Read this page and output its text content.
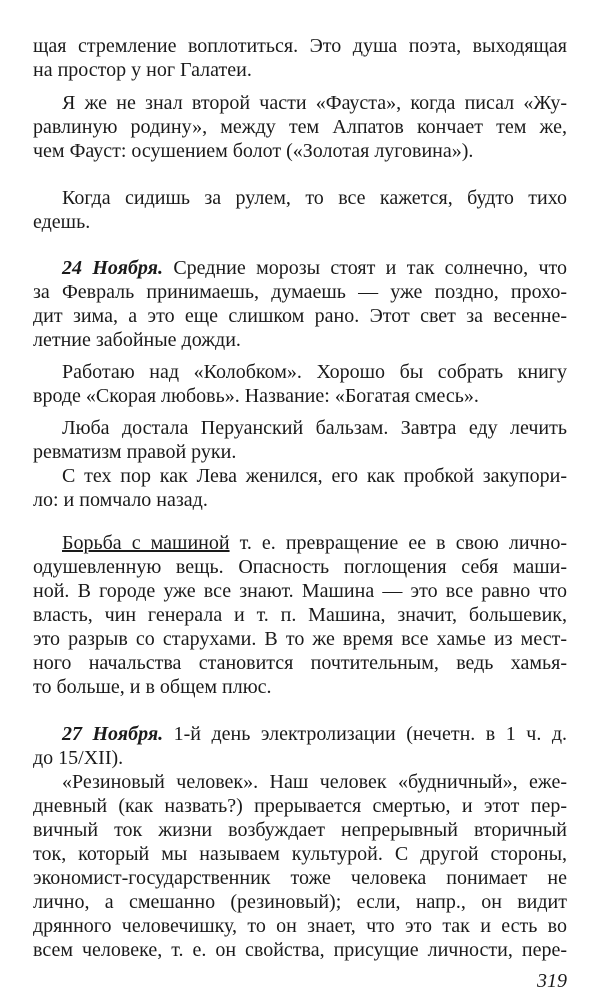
щая стремление воплотиться. Это душа поэта, выходящая
на простор у ног Галатеи.
Я же не знал второй части «Фауста», когда писал «Жу-
равлиную родину», между тем Алпатов кончает тем же,
чем Фауст: осушением болот («Золотая луговина»).
Когда сидишь за рулем, то все кажется, будто тихо
едешь.
24 Ноября. Средние морозы стоят и так солнечно, что
за Февраль принимаешь, думаешь — уже поздно, прохо-
дит зима, а это еще слишком рано. Этот свет за весенне-
летние забойные дожди.
Работаю над «Колобком». Хорошо бы собрать книгу
вроде «Скорая любовь». Название: «Богатая смесь».
Люба достала Перуанский бальзам. Завтра еду лечить
ревматизм правой руки.
С тех пор как Лева женился, его как пробкой закупори-
ло: и помчало назад.
Борьба с машиной т. е. превращение ее в свою лично-
одушевленную вещь. Опасность поглощения себя маши-
ной. В городе уже все знают. Машина — это все равно что
власть, чин генерала и т. п. Машина, значит, большевик,
это разрыв со старухами. В то же время все хамье из мест-
ного начальства становится почтительным, ведь хамья-
то больше, и в общем плюс.
27 Ноября. 1-й день электролизации (нечетн. в 1 ч. д.
до 15/XII).
«Резиновый человек». Наш человек «будничный», еже-
дневный (как назвать?) прерывается смертью, и этот пер-
вичный ток жизни возбуждает непрерывный вторичный
ток, который мы называем культурой. С другой стороны,
экономист-государственник тоже человека понимает не
лично, а смешанно (резиновый); если, напр., он видит
дрянного человечишку, то он знает, что это так и есть во
всем человеке, т. е. он свойства, присущие личности, пере-
319
